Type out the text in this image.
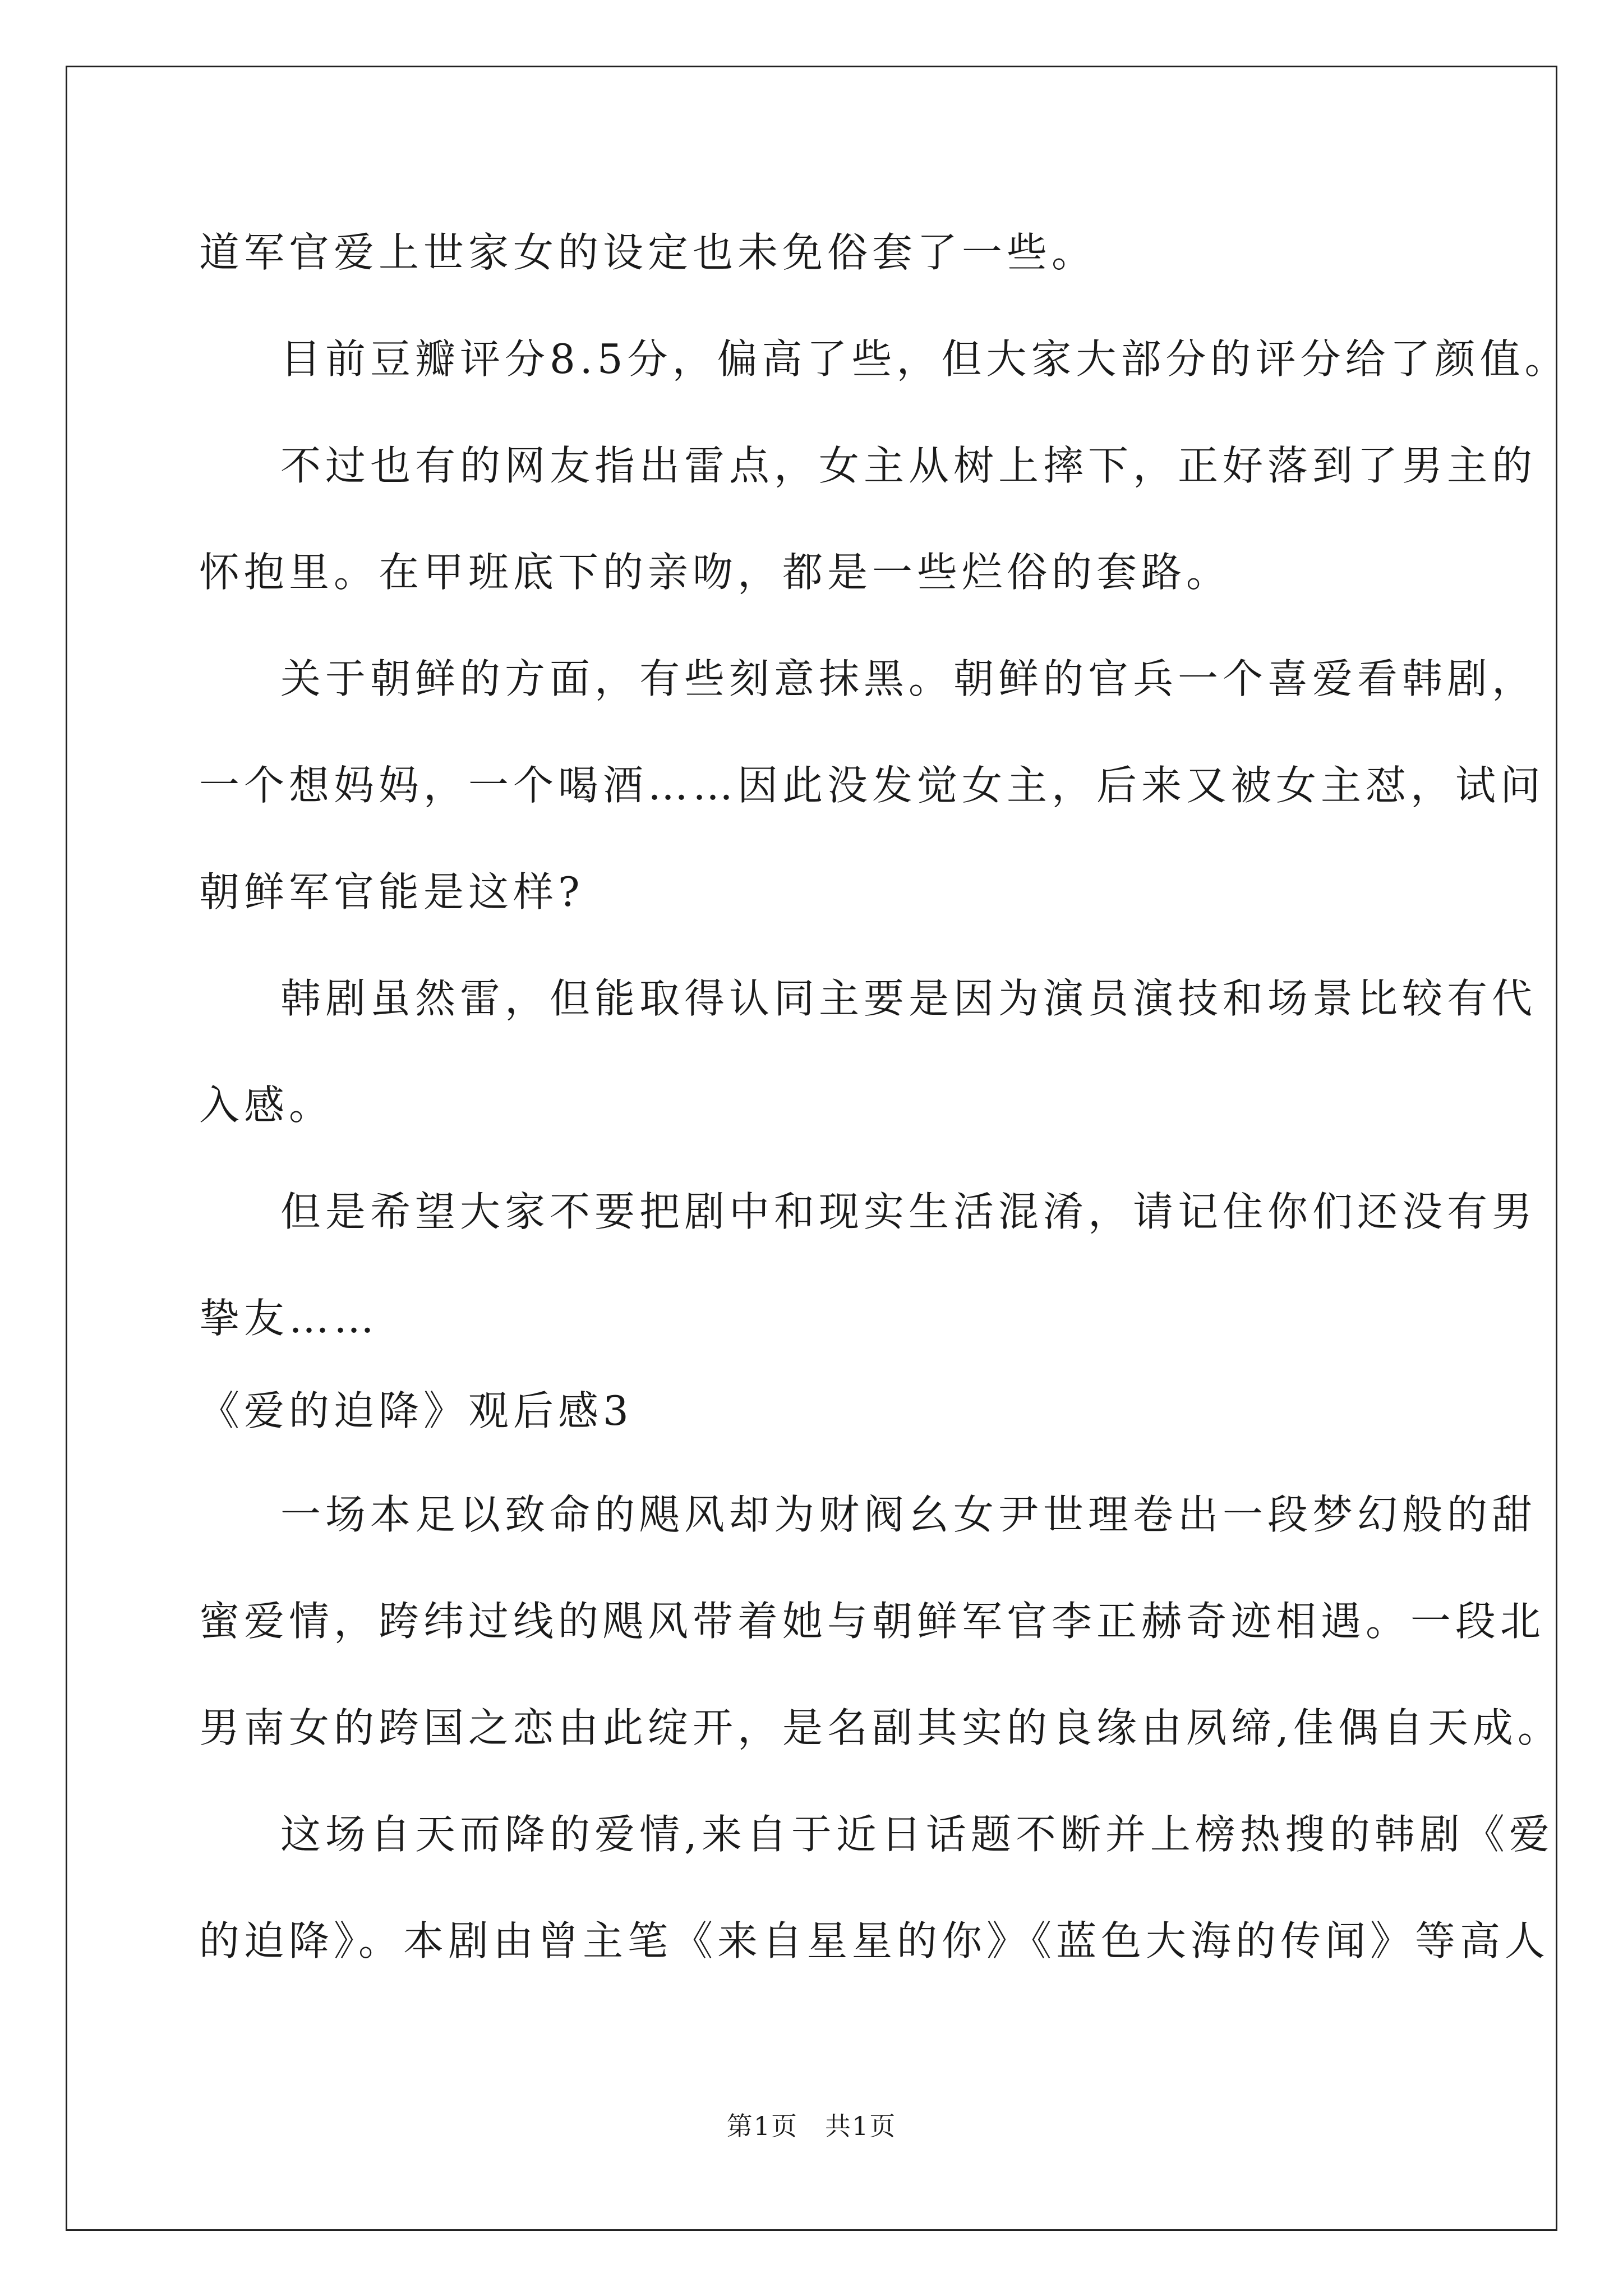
道军官爱上世家女的设定也未免俗套了一些。
目前豆瓣评分8.5分，偏高了些，但大家大部分的评分给了颜值。
不过也有的网友指出雷点，女主从树上摔下，正好落到了男主的
怀抱里。在甲班底下的亲吻，都是一些烂俗的套路。
关于朝鲜的方面，有些刻意抹黑。朝鲜的官兵一个喜爱看韩剧，
一个想妈妈，一个喝酒……因此没发觉女主，后来又被女主怼，试问
朝鲜军官能是这样?
韩剧虽然雷，但能取得认同主要是因为演员演技和场景比较有代
入感。
但是希望大家不要把剧中和现实生活混淆，请记住你们还没有男
挚友……
《爱的迫降》观后感3
一场本足以致命的飓风却为财阀幺女尹世理卷出一段梦幻般的甜
蜜爱情，跨纬过线的飓风带着她与朝鲜军官李正赫奇迹相遇。一段北
男南女的跨国之恋由此绽开，是名副其实的良缘由夙缔,佳偶自天成。
这场自天而降的爱情,来自于近日话题不断并上榜热搜的韩剧《爱
的迫降》。本剧由曾主笔《来自星星的你》《蓝色大海的传闻》等高人
第1页　共1页
